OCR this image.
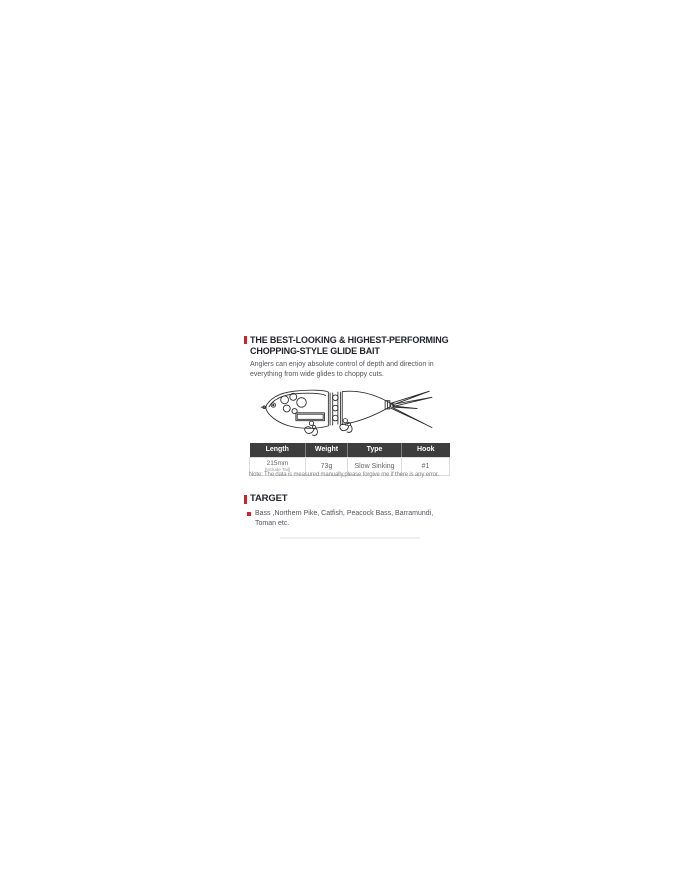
THE BEST-LOOKING & HIGHEST-PERFORMING
CHOPPING-STYLE GLIDE BAIT
Anglers can enjoy absolute control of depth and direction in
everything from wide glides to choppy cuts.
Length	Weight	Type	Hook

215mm
(Include Tail)	73g	Slow Sinking	#1
Note: The data is measured manually,please forgive me if there is any error.
TARGET
Bass ,Northern Pike, Catfish, Peacock Bass, Barramundi,
Toman etc.
